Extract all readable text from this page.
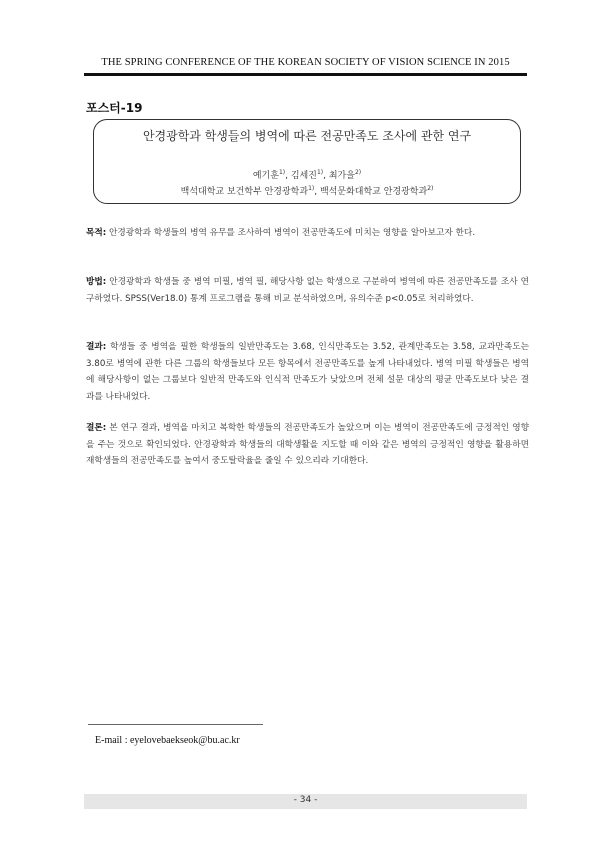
THE SPRING CONFERENCE OF THE KOREAN SOCIETY OF VISION SCIENCE IN 2015
포스터-19
안경광학과 학생들의 병역에 따른 전공만족도 조사에 관한 연구
예기훈$^{1)}$, 김세진$^{1)}$, 최가을$^{2)}$
백석대학교 보건학부 안경광학과$^{1)}$, 백석문화대학교 안경광학과$^{2)}$

목적: 안경광학과 학생들의 병역 유무를 조사하여 병역이 전공만족도에 미치는 영향을 알아보고자 한다.

방법: 안경광학과 학생들 중 병역 미필, 병역 필, 해당사항 없는 학생으로 구분하여 병역에 따른 전공만족도를 조사 연구하였다. SPSS(Ver18.0) 통계 프로그램을 통해 비교 분석하였으며, 유의수준 p<0.05로 처리하였다.

결과: 학생들 중 병역을 필한 학생들의 일반만족도는 3.68, 인식만족도는 3.52, 관계만족도는 3.58, 교과만족도는 3.80로 병역에 관한 다른 그룹의 학생들보다 모든 항목에서 전공만족도를 높게 나타내었다. 병역 미필 학생들은 병역에 해당사항이 없는 그룹보다 일반적 만족도와 인식적 만족도가 낮았으며 전체 설문 대상의 평균 만족도보다 낮은 결과를 나타내었다.

결론: 본 연구 결과, 병역을 마치고 복학한 학생들의 전공만족도가 높았으며 이는 병역이 전공만족도에 긍정적인 영향을 주는 것으로 확인되었다. 안경광학과 학생들의 대학생활을 지도할 때 이와 같은 병역의 긍정적인 영향을 활용하면 재학생들의 전공만족도를 높여서 중도탈락율을 줄일 수 있으리라 기대한다.

E-mail : eyelovebaekseok@bu.ac.kr
- 34 -
